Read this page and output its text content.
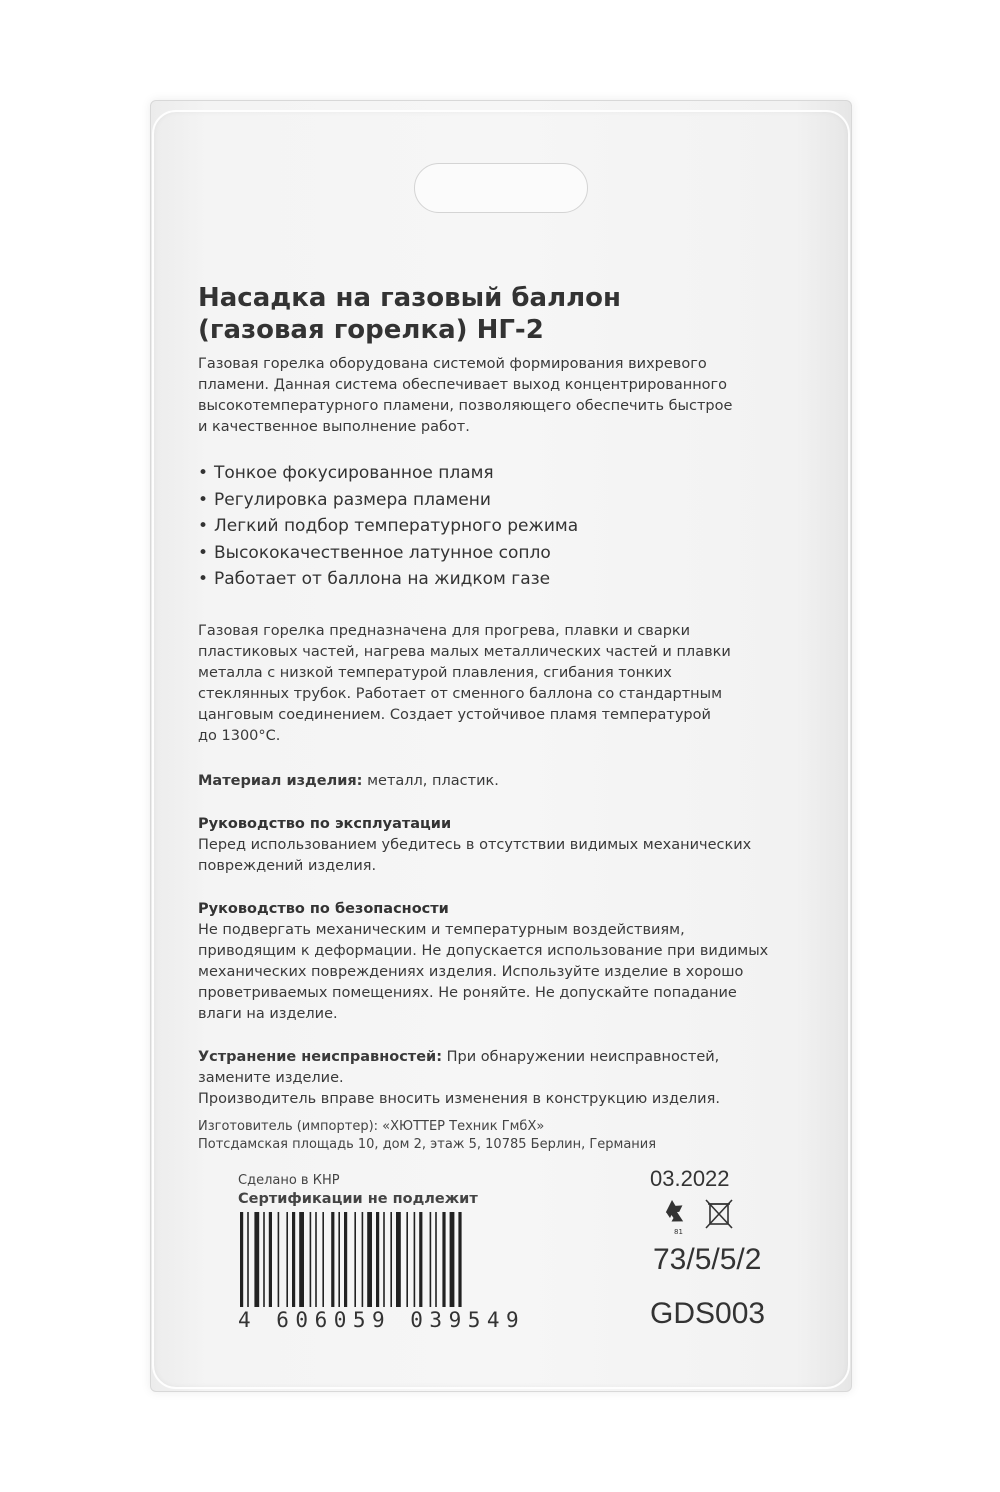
Насадка на газовый баллон
(газовая горелка) НГ-2

Газовая горелка оборудована системой формирования вихревого

пламени. Данная система обеспечивает выход концентрированного

высокотемпературного пламени, позволяющего обеспечить быстрое

и качественное выполнение работ.

• Тонкое фокусированное пламя
• Регулировка размера пламени
• Легкий подбор температурного режима
• Высококачественное латунное сопло
• Работает от баллона на жидком газе

Газовая горелка предназначена для прогрева, плавки и сварки

пластиковых частей, нагрева малых металлических частей и плавки

металла с низкой температурой плавления, сгибания тонких

стеклянных трубок. Работает от сменного баллона со стандартным

цанговым соединением. Создает устойчивое пламя температурой

до 1300°C.

Материал изделия: металл, пластик.

Руководство по эксплуатации

Перед использованием убедитесь в отсутствии видимых механических

повреждений изделия.

Руководство по безопасности

Не подвергать механическим и температурным воздействиям,

приводящим к деформации. Не допускается использование при видимых

механических повреждениях изделия. Используйте изделие в хорошо

проветриваемых помещениях. Не роняйте. Не допускайте попадание

влаги на изделие.

Устранение неисправностей: При обнаружении неисправностей,

замените изделие.

Производитель вправе вносить изменения в конструкцию изделия.

Изготовитель (импортер): «ХЮТТЕР Техник ГмбХ»

Потсдамская площадь 10, дом 2, этаж 5, 10785 Берлин, Германия

Сделано в КНР

Сертификации не подлежит

4 606059 039549

03.2022

81

73/5/5/2

GDS003
